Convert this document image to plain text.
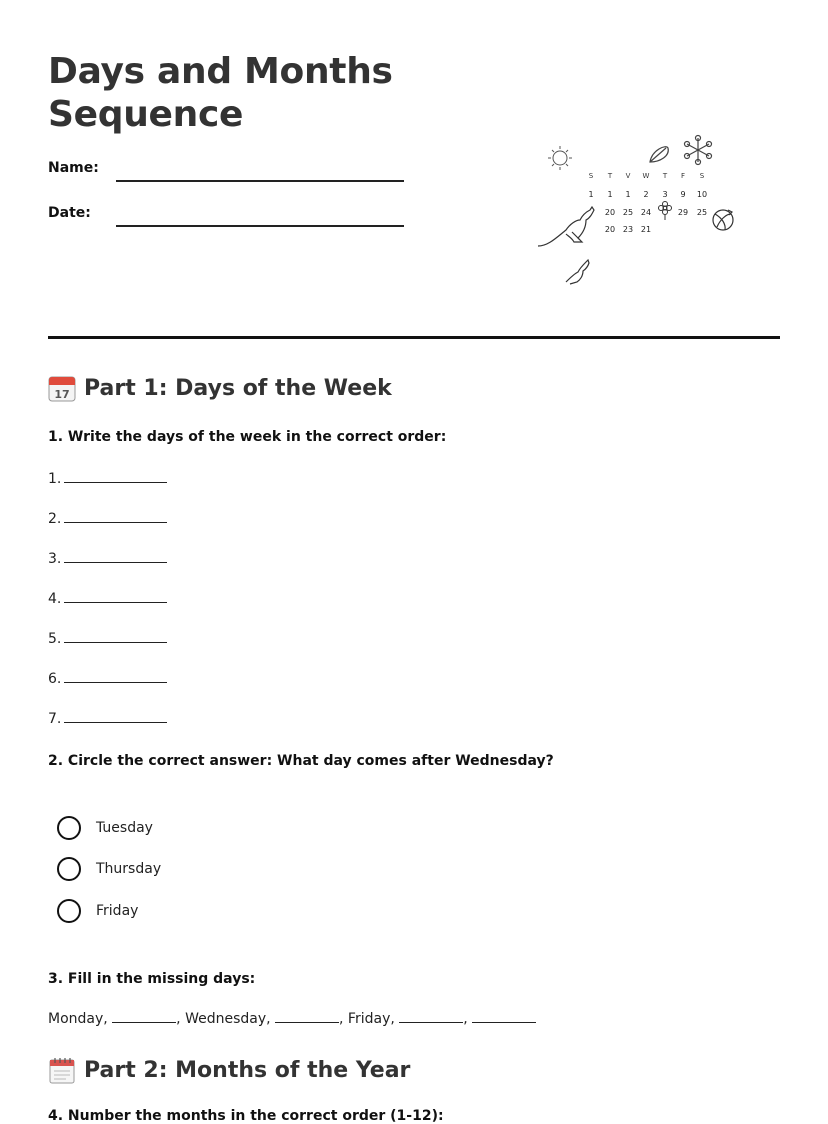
Days and Months
Sequence
Name:
Date:
S T V W T F S
1 1 1 2 3 9 10
20 25 24	29 25
20 23 21
17 Part 1: Days of the Week
1. Write the days of the week in the correct order:
1.
2.
3.
4.
5.
6.
7.
2. Circle the correct answer: What day comes after Wednesday?
Tuesday
Thursday
Friday
3. Fill in the missing days:
Monday,	, Wednesday,	, Friday,	,
Part 2: Months of the Year
4. Number the months in the correct order (1-12):
